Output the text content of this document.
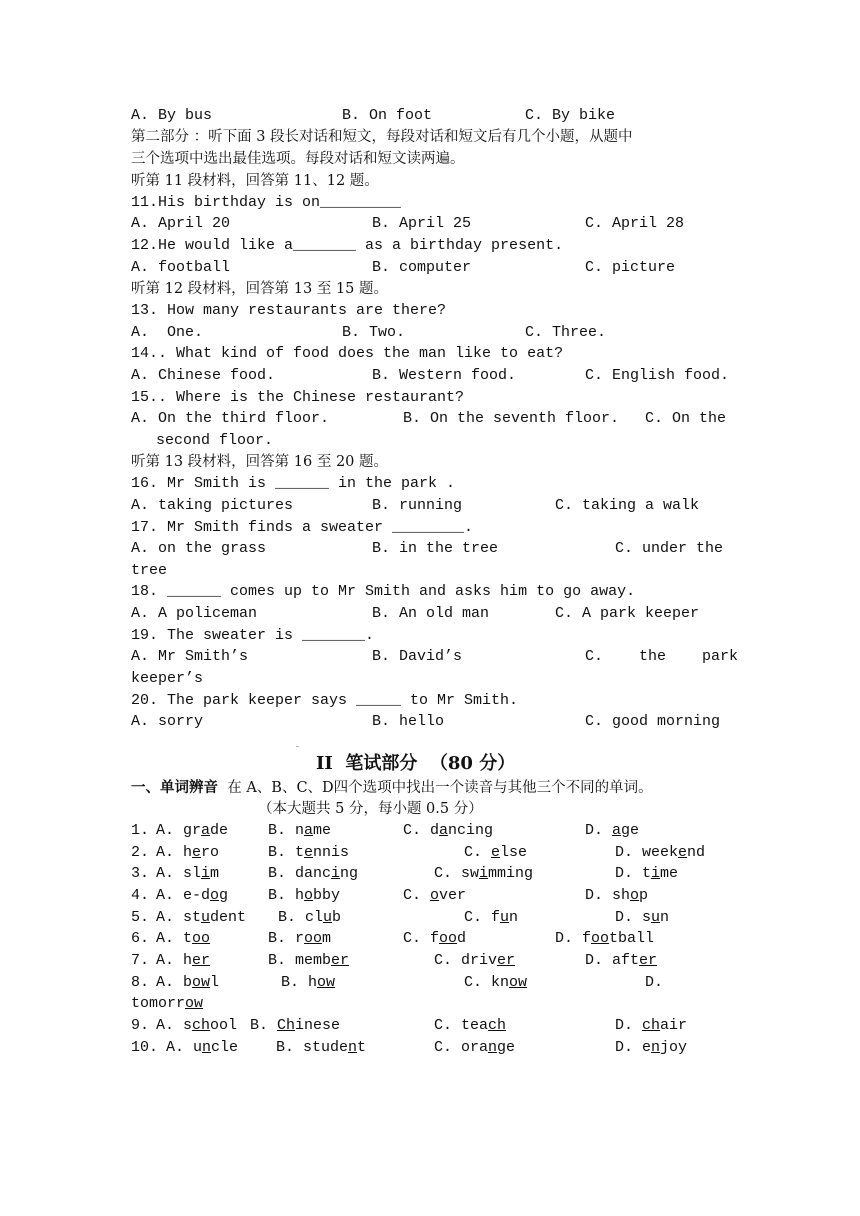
A. By bus	B. On foot	C. By bike
第二部分 ：听下面 3 段长对话和短文，每段对话和短文后有几个小题，从题中
三个选项中选出最佳选项。每段对话和短文读两遍。
听第 11 段材料，回答第 11、12 题。
11.His birthday is on_________
A. April 20	B. April 25	C. April 28
12.He would like a_______ as a birthday present.
A. football	B. computer	C. picture
听第 12 段材料，回答第 13 至 15 题。
13. How many restaurants are there?
A.  One.	B. Two.	C. Three.
14.. What kind of food does the man like to eat?
A. Chinese food.	B. Western food.	C. English food.
15.. Where is the Chinese restaurant?
A. On the third floor.	B. On the seventh floor. C. On the
second floor.
听第 13 段材料，回答第 16 至 20 题。
16. Mr Smith is ______ in the park .
A. taking pictures	B. running	C. taking a walk
17. Mr Smith finds a sweater ________.
A. on the grass	B. in the tree	C. under the
tree
18. ______ comes up to Mr Smith and asks him to go away.
A. A policeman	B. An old man	C. A park keeper
19. The sweater is _______.
A. Mr Smith’s	B. David’s	C.    the    park
keeper’s
20. The park keeper says _____ to Mr Smith.
A. sorry	B. hello	C. good morning
II  笔试部分  （80 分）
一、单词辨音 在 A、B、C、D四个选项中找出一个读音与其他三个不同的单词。
（本大题共 5 分，每小题 0.5 分）
1.
A. grade	B. name	C. dancing	D. age
2.
A. hero	B. tennis	C. else	D. weekend
3.
A. slim	B. dancing	C. swimming	D. time
4.
A. e-dog	B. hobby	C. over	D. shop
5.
A. student B. club	C. fun	D. sun
6.
A. too	B. room	C. food	D. football
7.
A. her	B. member	C. driver	D. after
8.
A. bowl	B. how	C. know	D.
tomorrow
9.
A. school B. Chinese	C. teach	D. chair
10.
A. uncle	B. student	C. orange	D. enjoy
